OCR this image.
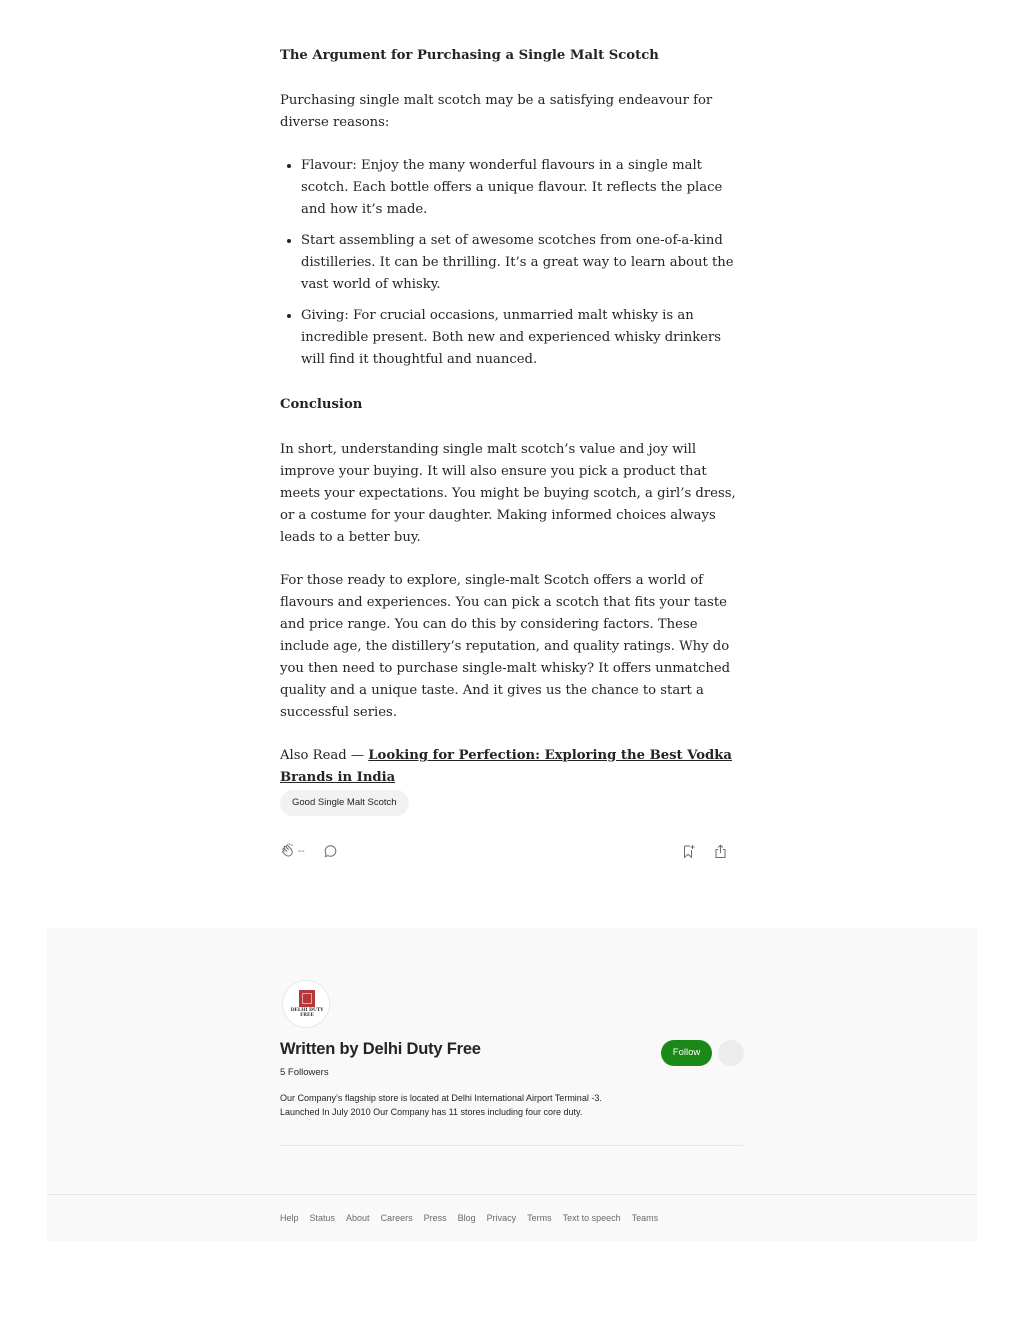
The Argument for Purchasing a Single Malt Scotch

Purchasing single malt scotch may be a satisfying endeavour for diverse reasons:

• Flavour: Enjoy the many wonderful flavours in a single malt scotch. Each bottle offers a unique flavour. It reflects the place and how it’s made.
• Start assembling a set of awesome scotches from one-of-a-kind distilleries. It can be thrilling. It’s a great way to learn about the vast world of whisky.
• Giving: For crucial occasions, unmarried malt whisky is an incredible present. Both new and experienced whisky drinkers will find it thoughtful and nuanced.
Conclusion

In short, understanding single malt scotch’s value and joy will improve your buying. It will also ensure you pick a product that meets your expectations. You might be buying scotch, a girl’s dress, or a costume for your daughter. Making informed choices always leads to a better buy.

For those ready to explore, single-malt Scotch offers a world of flavours and experiences. You can pick a scotch that fits your taste and price range. You can do this by considering factors. These include age, the distillery’s reputation, and quality ratings. Why do you then need to purchase single-malt whisky? It offers unmatched quality and a unique taste. And it gives us the chance to start a successful series.

Also Read — Looking for Perfection: Exploring the Best Vodka Brands in India

Good Single Malt Scotch
--
DELHI DUTY FREE
Written by Delhi Duty Free
5 Followers
Our Company’s flagship store is located at Delhi International Airport Terminal -3. Launched In July 2010 Our Company has 11 stores including four core duty.
Follow
Help Status About Careers Press Blog Privacy Terms Text to speech Teams
